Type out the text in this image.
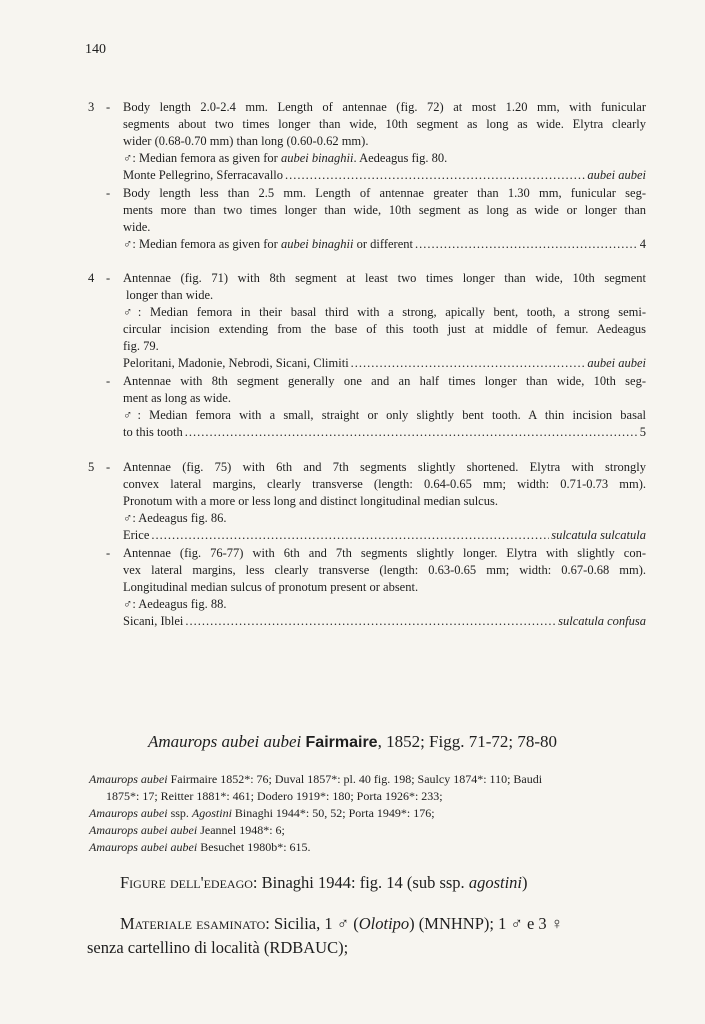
140
3 - Body length 2.0-2.4 mm. Length of antennae (fig. 72) at most 1.20 mm, with funicular
segments about two times longer than wide, 10th segment as long as wide. Elytra clearly
wider (0.68-0.70 mm) than long (0.60-0.62 mm).
♂: Median femora as given for aubei binaghii. Aedeagus fig. 80.
Monte Pellegrino, Sferracavallo .....	aubei aubei
- Body length less than 2.5 mm. Length of antennae greater than 1.30 mm, funicular seg-
ments more than two times longer than wide, 10th segment as long as wide or longer than
wide.
♂: Median femora as given for aubei binaghii or different .....	4
4 - Antennae (fig. 71) with 8th segment at least two times longer than wide, 10th segment
longer than wide.
♂: Median femora in their basal third with a strong, apically bent, tooth, a strong semi-
circular incision extending from the base of this tooth just at middle of femur. Aedeagus
fig. 79.
Peloritani, Madonie, Nebrodi, Sicani, Climiti .....	aubei aubei
- Antennae with 8th segment generally one and an half times longer than wide, 10th seg-
ment as long as wide.
♂: Median femora with a small, straight or only slightly bent tooth. A thin incision basal
to this tooth .....	5
5 - Antennae (fig. 75) with 6th and 7th segments slightly shortened. Elytra with strongly
convex lateral margins, clearly transverse (length: 0.64-0.65 mm; width: 0.71-0.73 mm).
Pronotum with a more or less long and distinct longitudinal median sulcus.
♂: Aedeagus fig. 86.
Erice .....	sulcatula sulcatula
- Antennae (fig. 76-77) with 6th and 7th segments slightly longer. Elytra with slightly con-
vex lateral margins, less clearly transverse (length: 0.63-0.65 mm; width: 0.67-0.68 mm).
Longitudinal median sulcus of pronotum present or absent.
♂: Aedeagus fig. 88.
Sicani, Iblei .....	sulcatula confusa
Amaurops aubei aubei Fairmaire, 1852; Figg. 71-72; 78-80
Amaurops aubei Fairmaire 1852*: 76; Duval 1857*: pl. 40 fig. 198; Saulcy 1874*: 110; Baudi
1875*: 17; Reitter 1881*: 461; Dodero 1919*: 180; Porta 1926*: 233;
Amaurops aubei ssp. Agostini Binaghi 1944*: 50, 52; Porta 1949*: 176;
Amaurops aubei aubei Jeannel 1948*: 6;
Amaurops aubei aubei Besuchet 1980b*: 615.
Figure dell'edeago: Binaghi 1944: fig. 14 (sub ssp. agostini)
Materiale esaminato: Sicilia, 1 ♂ (Olotipo) (MNHNP); 1 ♂ e 3 ♀
senza cartellino di località (RDBAUC);
